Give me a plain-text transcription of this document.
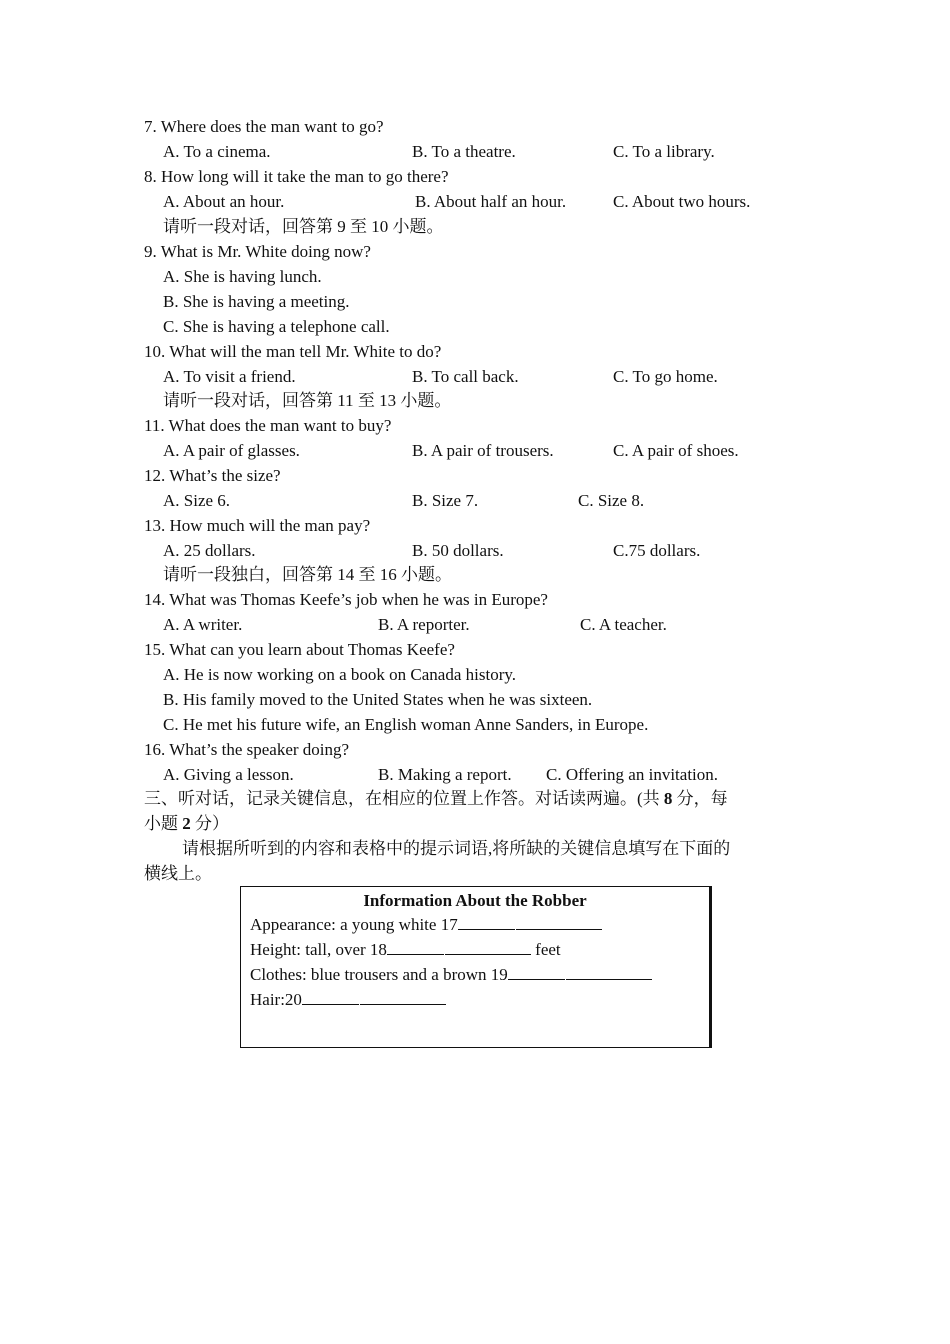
7. Where does the man want to go?
A. To a cinema.	B. To a theatre.	C. To a library.
8. How long will it take the man to go there?
A. About an hour.	B. About half an hour.	C. About two hours.
请听一段对话，回答第 9 至 10 小题。
9. What is Mr. White doing now?
A. She is having lunch.
B. She is having a meeting.
C. She is having a telephone call.
10. What will the man tell Mr. White to do?
A. To visit a friend.	B. To call back.	C. To go home.
请听一段对话，回答第 11 至 13 小题。
11. What does the man want to buy?
A. A pair of glasses.	B. A pair of trousers.	C. A pair of shoes.
12. What’s the size?
A. Size 6.	B. Size 7.	C. Size 8.
13. How much will the man pay?
A. 25 dollars.	B. 50 dollars.	C.75 dollars.
请听一段独白，回答第 14 至 16 小题。
14. What was Thomas Keefe’s job when he was in Europe?
A. A writer.	B. A reporter.	C. A teacher.
15. What can you learn about Thomas Keefe?
A. He is now working on a book on Canada history.
B. His family moved to the United States when he was sixteen.
C. He met his future wife, an English woman Anne Sanders, in Europe.
16. What’s the speaker doing?
A. Giving a lesson.	B. Making a report. C. Offering an invitation.
三、听对话，记录关键信息，在相应的位置上作答。对话读两遍。(共 8 分，每
小题 2 分）
请根据所听到的内容和表格中的提示词语,将所缺的关键信息填写在下面的
横线上。
Information About the Robber
Appearance: a young white 17
Height: tall, over 18	feet
Clothes: blue trousers and a brown 19
Hair:20
